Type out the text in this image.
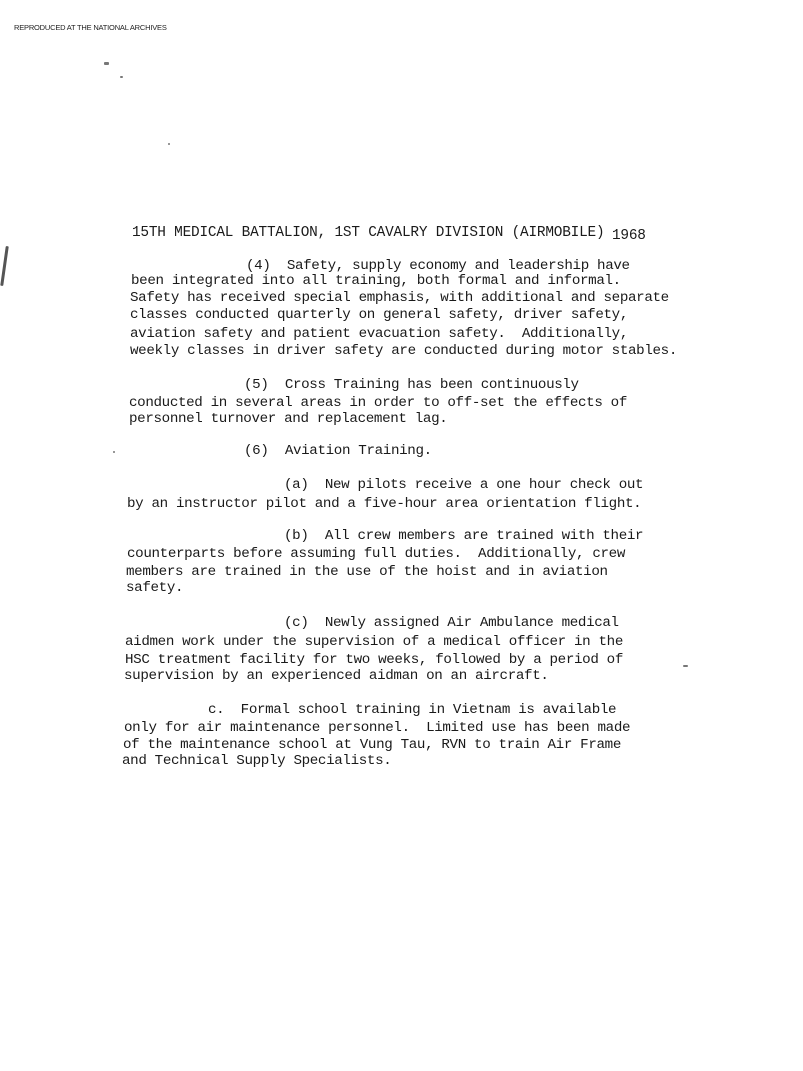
REPRODUCED AT THE NATIONAL ARCHIVES
15TH MEDICAL BATTALION, 1ST CAVALRY DIVISION (AIRMOBILE) 1968
(4)  Safety, supply economy and leadership have
been integrated into all training, both formal and informal.
Safety has received special emphasis, with additional and separate
classes conducted quarterly on general safety, driver safety,
aviation safety and patient evacuation safety.  Additionally,
weekly classes in driver safety are conducted during motor stables.
(5)  Cross Training has been continuously
conducted in several areas in order to off-set the effects of
personnel turnover and replacement lag.
(6)  Aviation Training.
(a)  New pilots receive a one hour check out
by an instructor pilot and a five-hour area orientation flight.
(b)  All crew members are trained with their
counterparts before assuming full duties.  Additionally, crew
members are trained in the use of the hoist and in aviation
safety.
(c)  Newly assigned Air Ambulance medical
aidmen work under the supervision of a medical officer in the
HSC treatment facility for two weeks, followed by a period of
supervision by an experienced aidman on an aircraft.
c.  Formal school training in Vietnam is available
only for air maintenance personnel.  Limited use has been made
of the maintenance school at Vung Tau, RVN to train Air Frame
and Technical Supply Specialists.
